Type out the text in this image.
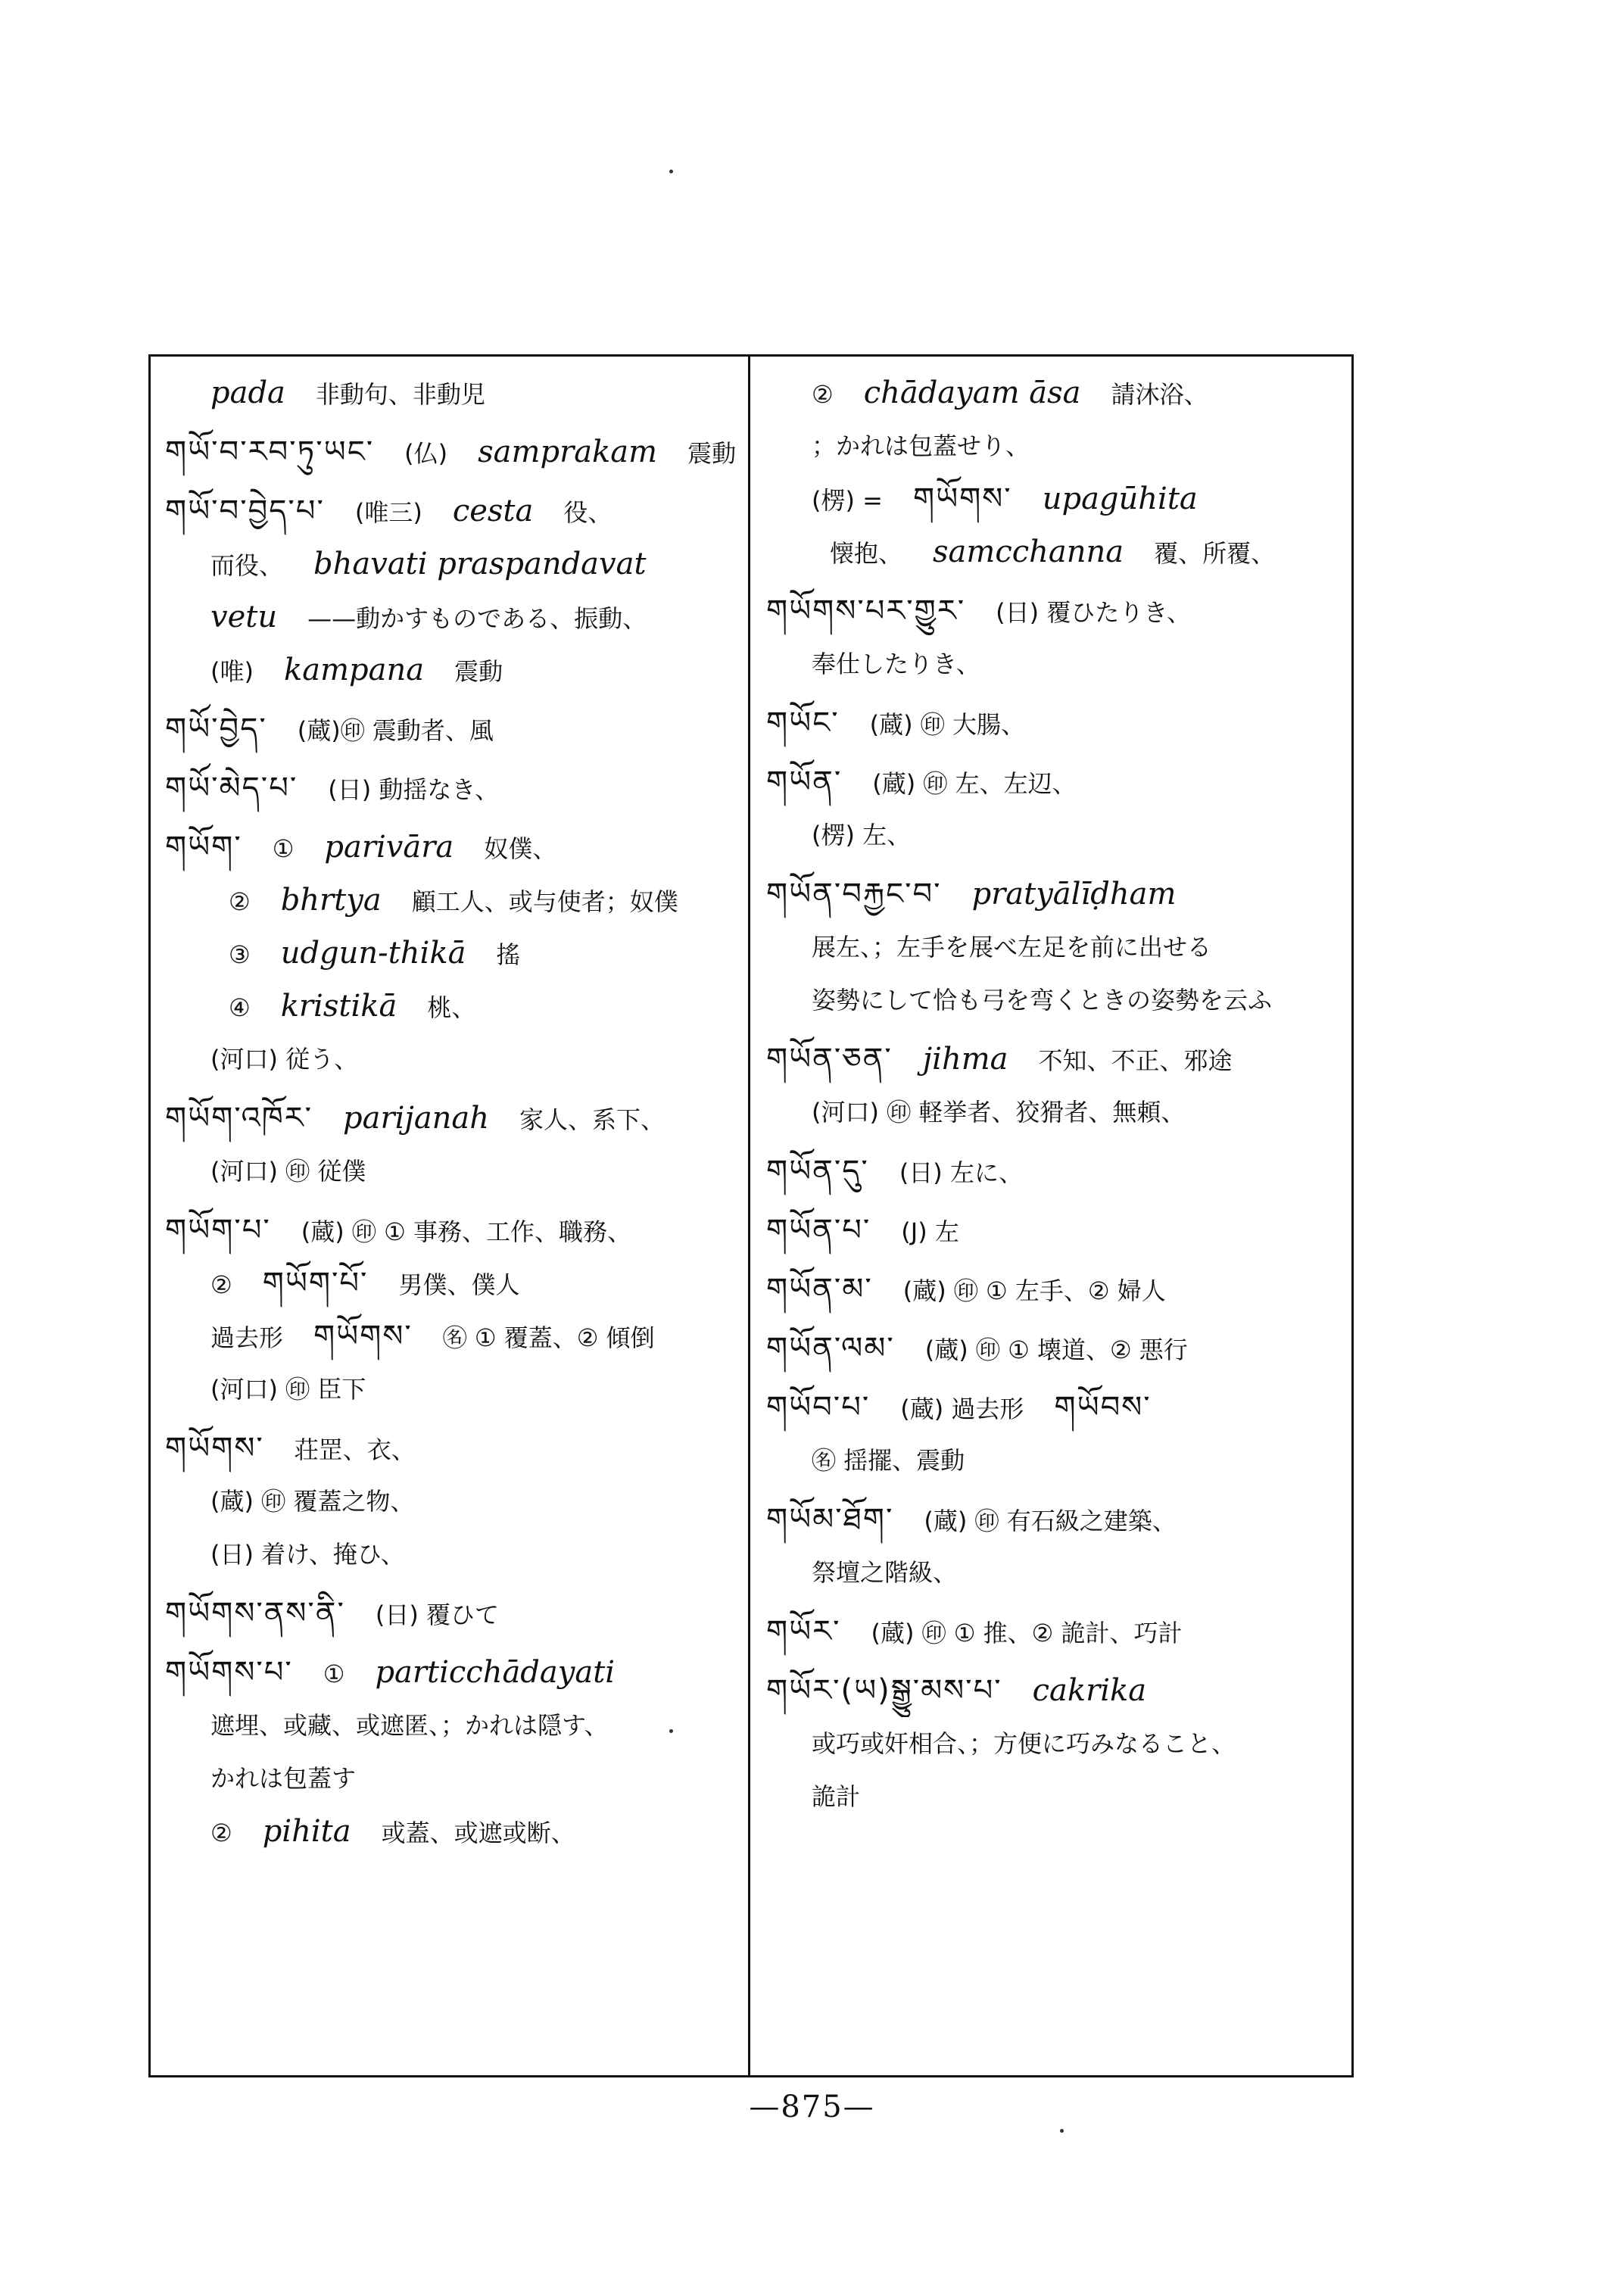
pada 非動句、非動児
གཡོ་བ་རབ་ཏུ་ཡང་ (仏) samprakam 震動
གཡོ་བ་བྱེད་པ་ (唯三) cesta 役、
而役、 bhavati praspandavat
vetu ——動かすものである、振動、
(唯) kampana 震動
གཡོ་བྱེད་ (蔵)㊞ 震動者、風
གཡོ་མེད་པ་ (日) 動揺なき、
གཡོག་ ① parivāra 奴僕、
② bhrtya 顧工人、或与使者；奴僕
③ udgun-thikā 搖
④ kristikā 桃、
(河口) 従う、
གཡོག་འཁོར་ parijanah 家人、系下、
(河口) ㊞ 従僕
གཡོག་པ་ (蔵) ㊞ ① 事務、工作、職務、
② གཡོག་པོ་ 男僕、僕人
過去形 གཡོགས་ ㊔ ① 覆蓋、② 傾倒
(河口) ㊞ 臣下
གཡོགས་ 荘罡、衣、
(蔵) ㊞ 覆蓋之物、
(日) 着け、掩ひ、
གཡོགས་ནས་ནི་ (日) 覆ひて
གཡོགས་པ་ ① particchādayati
遮埋、或藏、或遮匿、；かれは隠す、
かれは包蓋す
② pihita 或蓋、或遮或断、
② chādayam āsa 請沐浴、
；かれは包蓋せり、
(楞) = གཡོགས་ upagūhita
懐抱、 samcchanna 覆、所覆、
གཡོགས་པར་གྱུར་ (日) 覆ひたりき、
奉仕したりき、
གཡོང་ (蔵) ㊞ 大腸、
གཡོན་ (蔵) ㊞ 左、左辺、
(楞) 左、
གཡོན་བརྐྱང་བ་ pratyālīḍham
展左、；左手を展べ左足を前に出せる
姿勢にして恰も弓を弯くときの姿勢を云ふ
གཡོན་ཅན་ jihma 不知、不正、邪途
(河口) ㊞ 軽挙者、狡猾者、無頼、
གཡོན་དུ་ (日) 左に、
གཡོན་པ་ (J) 左
གཡོན་མ་ (蔵) ㊞ ① 左手、② 婦人
གཡོན་ལམ་ (蔵) ㊞ ① 壊道、② 悪行
གཡོབ་པ་ (蔵) 過去形 གཡོབས་
㊔ 揺擺、震動
གཡོམ་ཐོག་ (蔵) ㊞ 有石級之建築、
祭壇之階級、
གཡོར་ (蔵) ㊞ ① 推、② 詭計、巧計
གཡོར་(ཡ)སྒྱུ་མས་པ་ cakrika
或巧或奸相合、；方便に巧みなること、
詭計
—875—
